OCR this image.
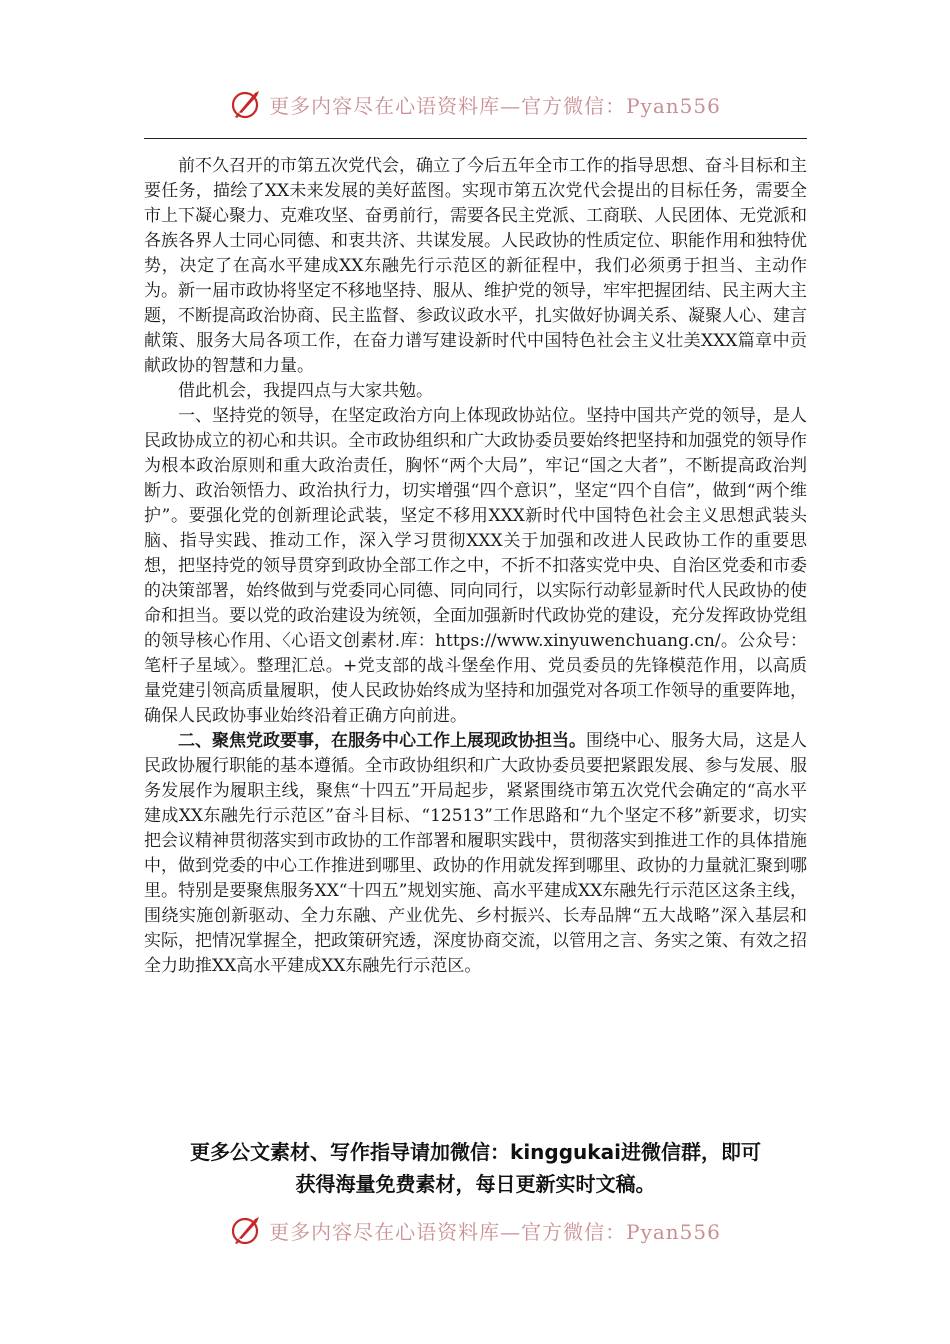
更多内容尽在心语资料库—官方微信：Pyan556

前不久召开的市第五次党代会，确立了今后五年全市工作的指导思想、奋斗目标和主要任务，描绘了XX未来发展的美好蓝图。实现市第五次党代会提出的目标任务，需要全市上下凝心聚力、克难攻坚、奋勇前行，需要各民主党派、工商联、人民团体、无党派和各族各界人士同心同德、和衷共济、共谋发展。人民政协的性质定位、职能作用和独特优势，决定了在高水平建成XX东融先行示范区的新征程中，我们必须勇于担当、主动作为。新一届市政协将坚定不移地坚持、服从、维护党的领导，牢牢把握团结、民主两大主题，不断提高政治协商、民主监督、参政议政水平，扎实做好协调关系、凝聚人心、建言献策、服务大局各项工作，在奋力谱写建设新时代中国特色社会主义壮美XXX篇章中贡献政协的智慧和力量。

借此机会，我提四点与大家共勉。

一、坚持党的领导，在坚定政治方向上体现政协站位。坚持中国共产党的领导，是人民政协成立的初心和共识。全市政协组织和广大政协委员要始终把坚持和加强党的领导作为根本政治原则和重大政治责任，胸怀“两个大局”，牢记“国之大者”，不断提高政治判断力、政治领悟力、政治执行力，切实增强“四个意识”，坚定“四个自信”，做到“两个维护”。要强化党的创新理论武装，坚定不移用XXX新时代中国特色社会主义思想武装头脑、指导实践、推动工作，深入学习贯彻XXX关于加强和改进人民政协工作的重要思想，把坚持党的领导贯穿到政协全部工作之中，不折不扣落实党中央、自治区党委和市委的决策部署，始终做到与党委同心同德、同向同行，以实际行动彰显新时代人民政协的使命和担当。要以党的政治建设为统领，全面加强新时代政协党的建设，充分发挥政协党组的领导核心作用、〈心语文创素材.库：https://www.xinyuwenchuang.cn/。公众号：笔杆子星域〉。整理汇总。+党支部的战斗堡垒作用、党员委员的先锋模范作用，以高质量党建引领高质量履职，使人民政协始终成为坚持和加强党对各项工作领导的重要阵地，确保人民政协事业始终沿着正确方向前进。

二、聚焦党政要事，在服务中心工作上展现政协担当。围绕中心、服务大局，这是人民政协履行职能的基本遵循。全市政协组织和广大政协委员要把紧跟发展、参与发展、服务发展作为履职主线，聚焦“十四五”开局起步，紧紧围绕市第五次党代会确定的“高水平建成XX东融先行示范区”奋斗目标、“12513”工作思路和“九个坚定不移”新要求，切实把会议精神贯彻落实到市政协的工作部署和履职实践中，贯彻落实到推进工作的具体措施中，做到党委的中心工作推进到哪里、政协的作用就发挥到哪里、政协的力量就汇聚到哪里。特别是要聚焦服务XX“十四五”规划实施、高水平建成XX东融先行示范区这条主线，围绕实施创新驱动、全力东融、产业优先、乡村振兴、长寿品牌“五大战略”深入基层和实际，把情况掌握全，把政策研究透，深度协商交流，以管用之言、务实之策、有效之招全力助推XX高水平建成XX东融先行示范区。

更多公文素材、写作指导请加微信：kinggukai进微信群，即可
获得海量免费素材，每日更新实时文稿。
更多内容尽在心语资料库—官方微信：Pyan556
